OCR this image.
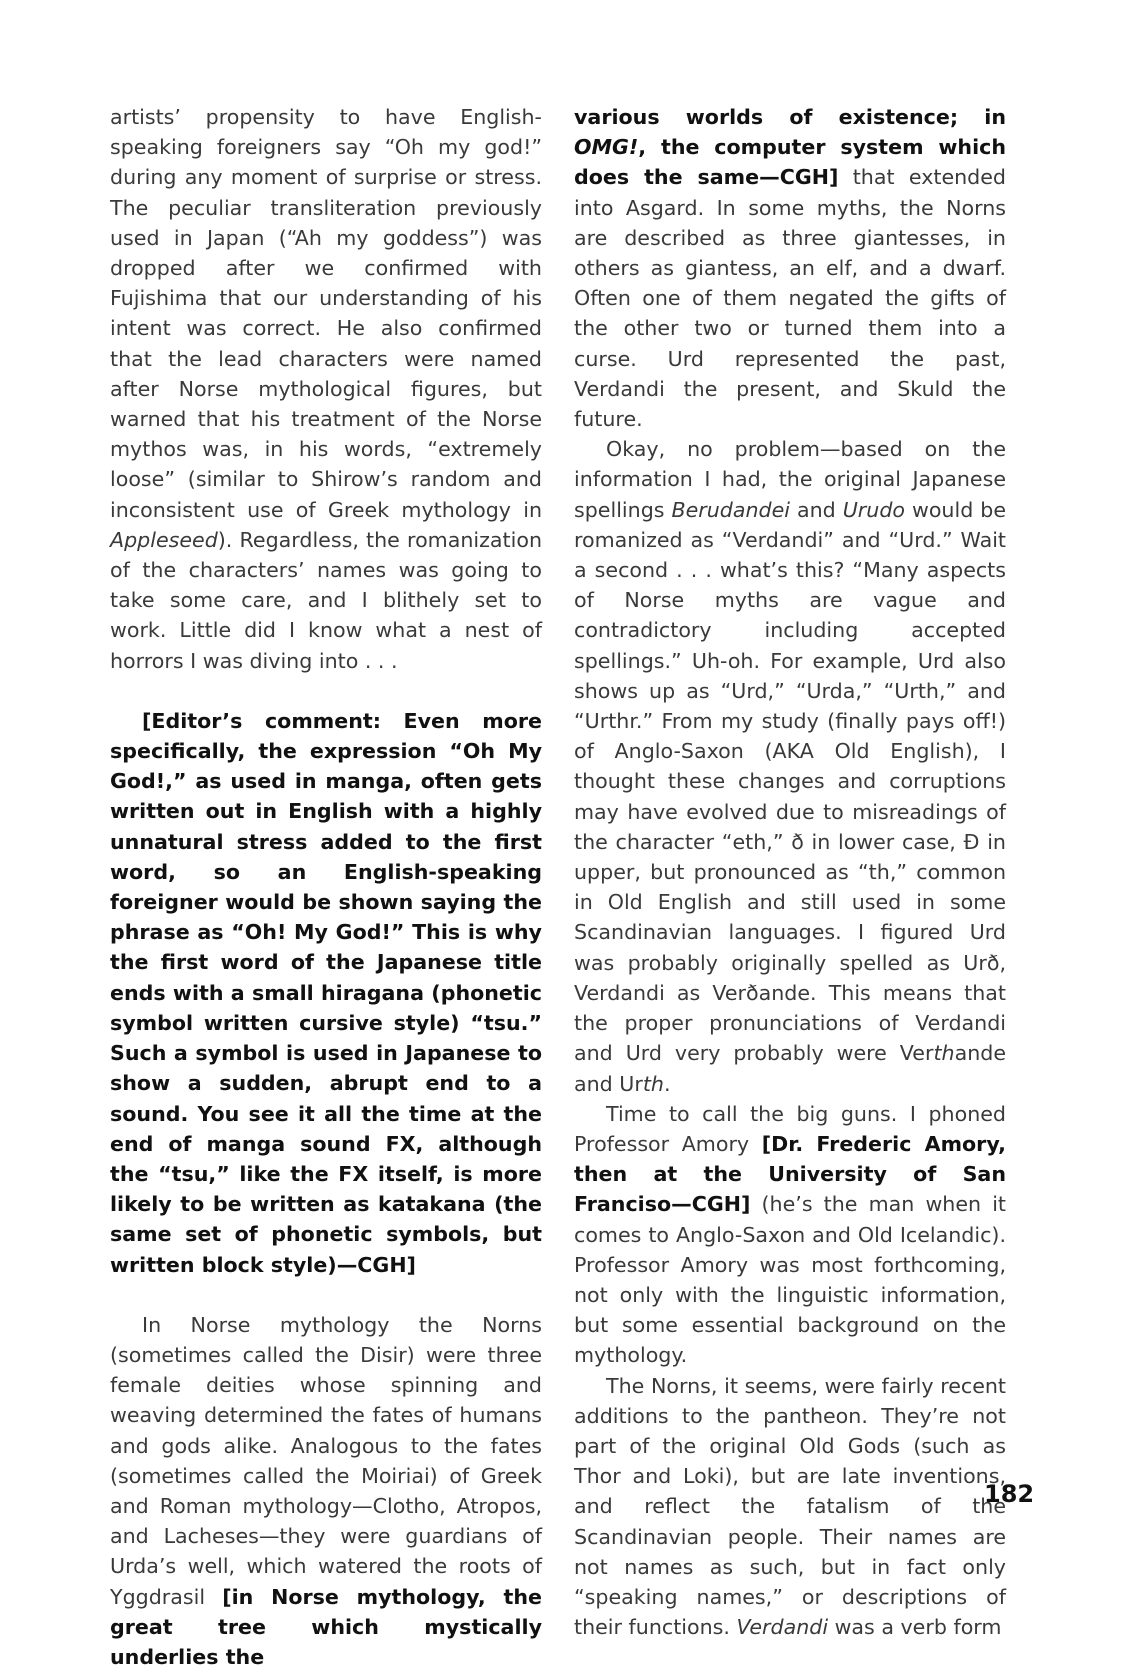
artists’ propensity to have English-speaking foreigners say “Oh my god!” during any moment of surprise or stress. The peculiar transliteration previously used in Japan (“Ah my goddess”) was dropped after we confirmed with Fujishima that our understanding of his intent was correct. He also confirmed that the lead characters were named after Norse mythological figures, but warned that his treatment of the Norse mythos was, in his words, “extremely loose” (similar to Shirow’s random and inconsistent use of Greek mythology in Appleseed). Regardless, the romanization of the characters’ names was going to take some care, and I blithely set to work. Little did I know what a nest of horrors I was diving into . . .

[Editor’s comment: Even more specifically, the expression “Oh My God!,” as used in manga, often gets written out in English with a highly unnatural stress added to the first word, so an English-speaking foreigner would be shown saying the phrase as “Oh! My God!” This is why the first word of the Japanese title ends with a small hiragana (phonetic symbol written cursive style) “tsu.” Such a symbol is used in Japanese to show a sudden, abrupt end to a sound. You see it all the time at the end of manga sound FX, although the “tsu,” like the FX itself, is more likely to be written as katakana (the same set of phonetic symbols, but written block style)—CGH]

In Norse mythology the Norns (sometimes called the Disir) were three female deities whose spinning and weaving determined the fates of humans and gods alike. Analogous to the fates (sometimes called the Moiriai) of Greek and Roman mythology—Clotho, Atropos, and Lacheses—they were guardians of Urda’s well, which watered the roots of Yggdrasil [in Norse mythology, the great tree which mystically underlies the

various worlds of existence; in OMG!, the computer system which does the same—CGH] that extended into Asgard. In some myths, the Norns are described as three giantesses, in others as giantess, an elf, and a dwarf. Often one of them negated the gifts of the other two or turned them into a curse. Urd represented the past, Verdandi the present, and Skuld the future.

Okay, no problem—based on the information I had, the original Japanese spellings Berudandei and Urudo would be romanized as “Verdandi” and “Urd.” Wait a second . . . what’s this? “Many aspects of Norse myths are vague and contradictory including accepted spellings.” Uh-oh. For example, Urd also shows up as “Urd,” “Urda,” “Urth,” and “Urthr.” From my study (finally pays off!) of Anglo-Saxon (AKA Old English), I thought these changes and corruptions may have evolved due to misreadings of the character “eth,” ð in lower case, Đ in upper, but pronounced as “th,” common in Old English and still used in some Scandinavian languages. I figured Urd was probably originally spelled as Urð, Verdandi as Verðande. This means that the proper pronunciations of Verdandi and Urd very probably were Verthande and Urth.

Time to call the big guns. I phoned Professor Amory [Dr. Frederic Amory, then at the University of San Franciso—CGH] (he’s the man when it comes to Anglo-Saxon and Old Icelandic). Professor Amory was most forthcoming, not only with the linguistic information, but some essential background on the mythology.

The Norns, it seems, were fairly recent additions to the pantheon. They’re not part of the original Old Gods (such as Thor and Loki), but are late inventions, and reflect the fatalism of the Scandinavian people. Their names are not names as such, but in fact only “speaking names,” or descriptions of their functions. Verdandi was a verb form

182
